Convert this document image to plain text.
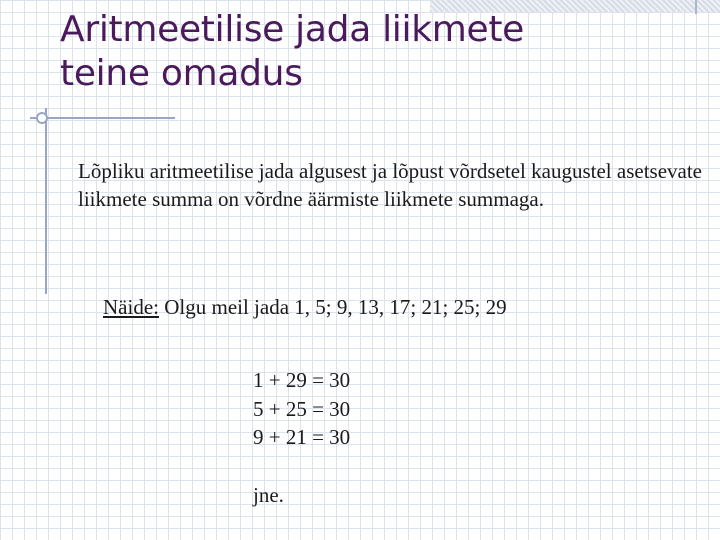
Aritmeetilise jada liikmete
teine omadus

Lõpliku aritmeetilise jada algusest ja lõpust võrdsetel kaugustel asetsevate liikmete summa on võrdne äärmiste liikmete summaga.

Näide: Olgu meil jada 1, 5; 9, 13, 17; 21; 25; 29

1 + 29 = 30
5 + 25 = 30
9 + 21 = 30

jne.
